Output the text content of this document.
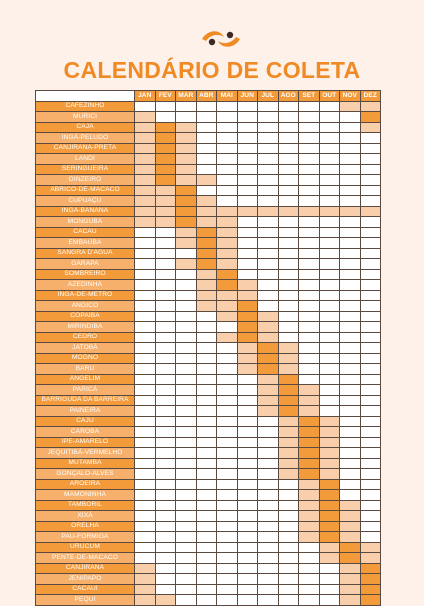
CALENDÁRIO DE COLETA
	JAN	FEV	MAR	ABR	MAI	JUN	JUL	AGO	SET	OUT	NOV	DEZ
CAFEZINHO												
MURICI												
CAJÁ												
INGÁ-PELUDO												
CANJIRANA-PRETA												
LANDI												
SERINGUEIRA												
OINZEIRO												
ABRICÓ-DE-MACACO												
CUPUAÇU												
INGÁ-BANANA												
MONGUBA												
CACAU												
EMBAÚBA												
SANGRA D'ÁGUA												
GARAPA												
SOMBREIRO												
AZEDINHA												
INGÁ-DE-METRO												
ANGICO												
COPAÍBA												
MIRINDIBA												
CEDRO												
JATOBÁ												
MOGNO												
BARU												
ÂNGELIM												
PARICÁ												
BARRIGUDA DA BARREIRA												
PAINEIRA												
CAJU												
CAROBA												
IPÊ-AMARELO												
JEQUITIBÁ-VERMELHO												
MUTAMBA												
GONÇALO-ALVES												
AROEIRA												
MAMONINHA												
TAMBORIL												
XIXÁ												
ORELHA												
PAU-FORMIGA												
URUCUM												
PENTE-DE-MACACO												
CANJIRANA												
JENIPAPO												
CACAUÍ												
PEQUI												
